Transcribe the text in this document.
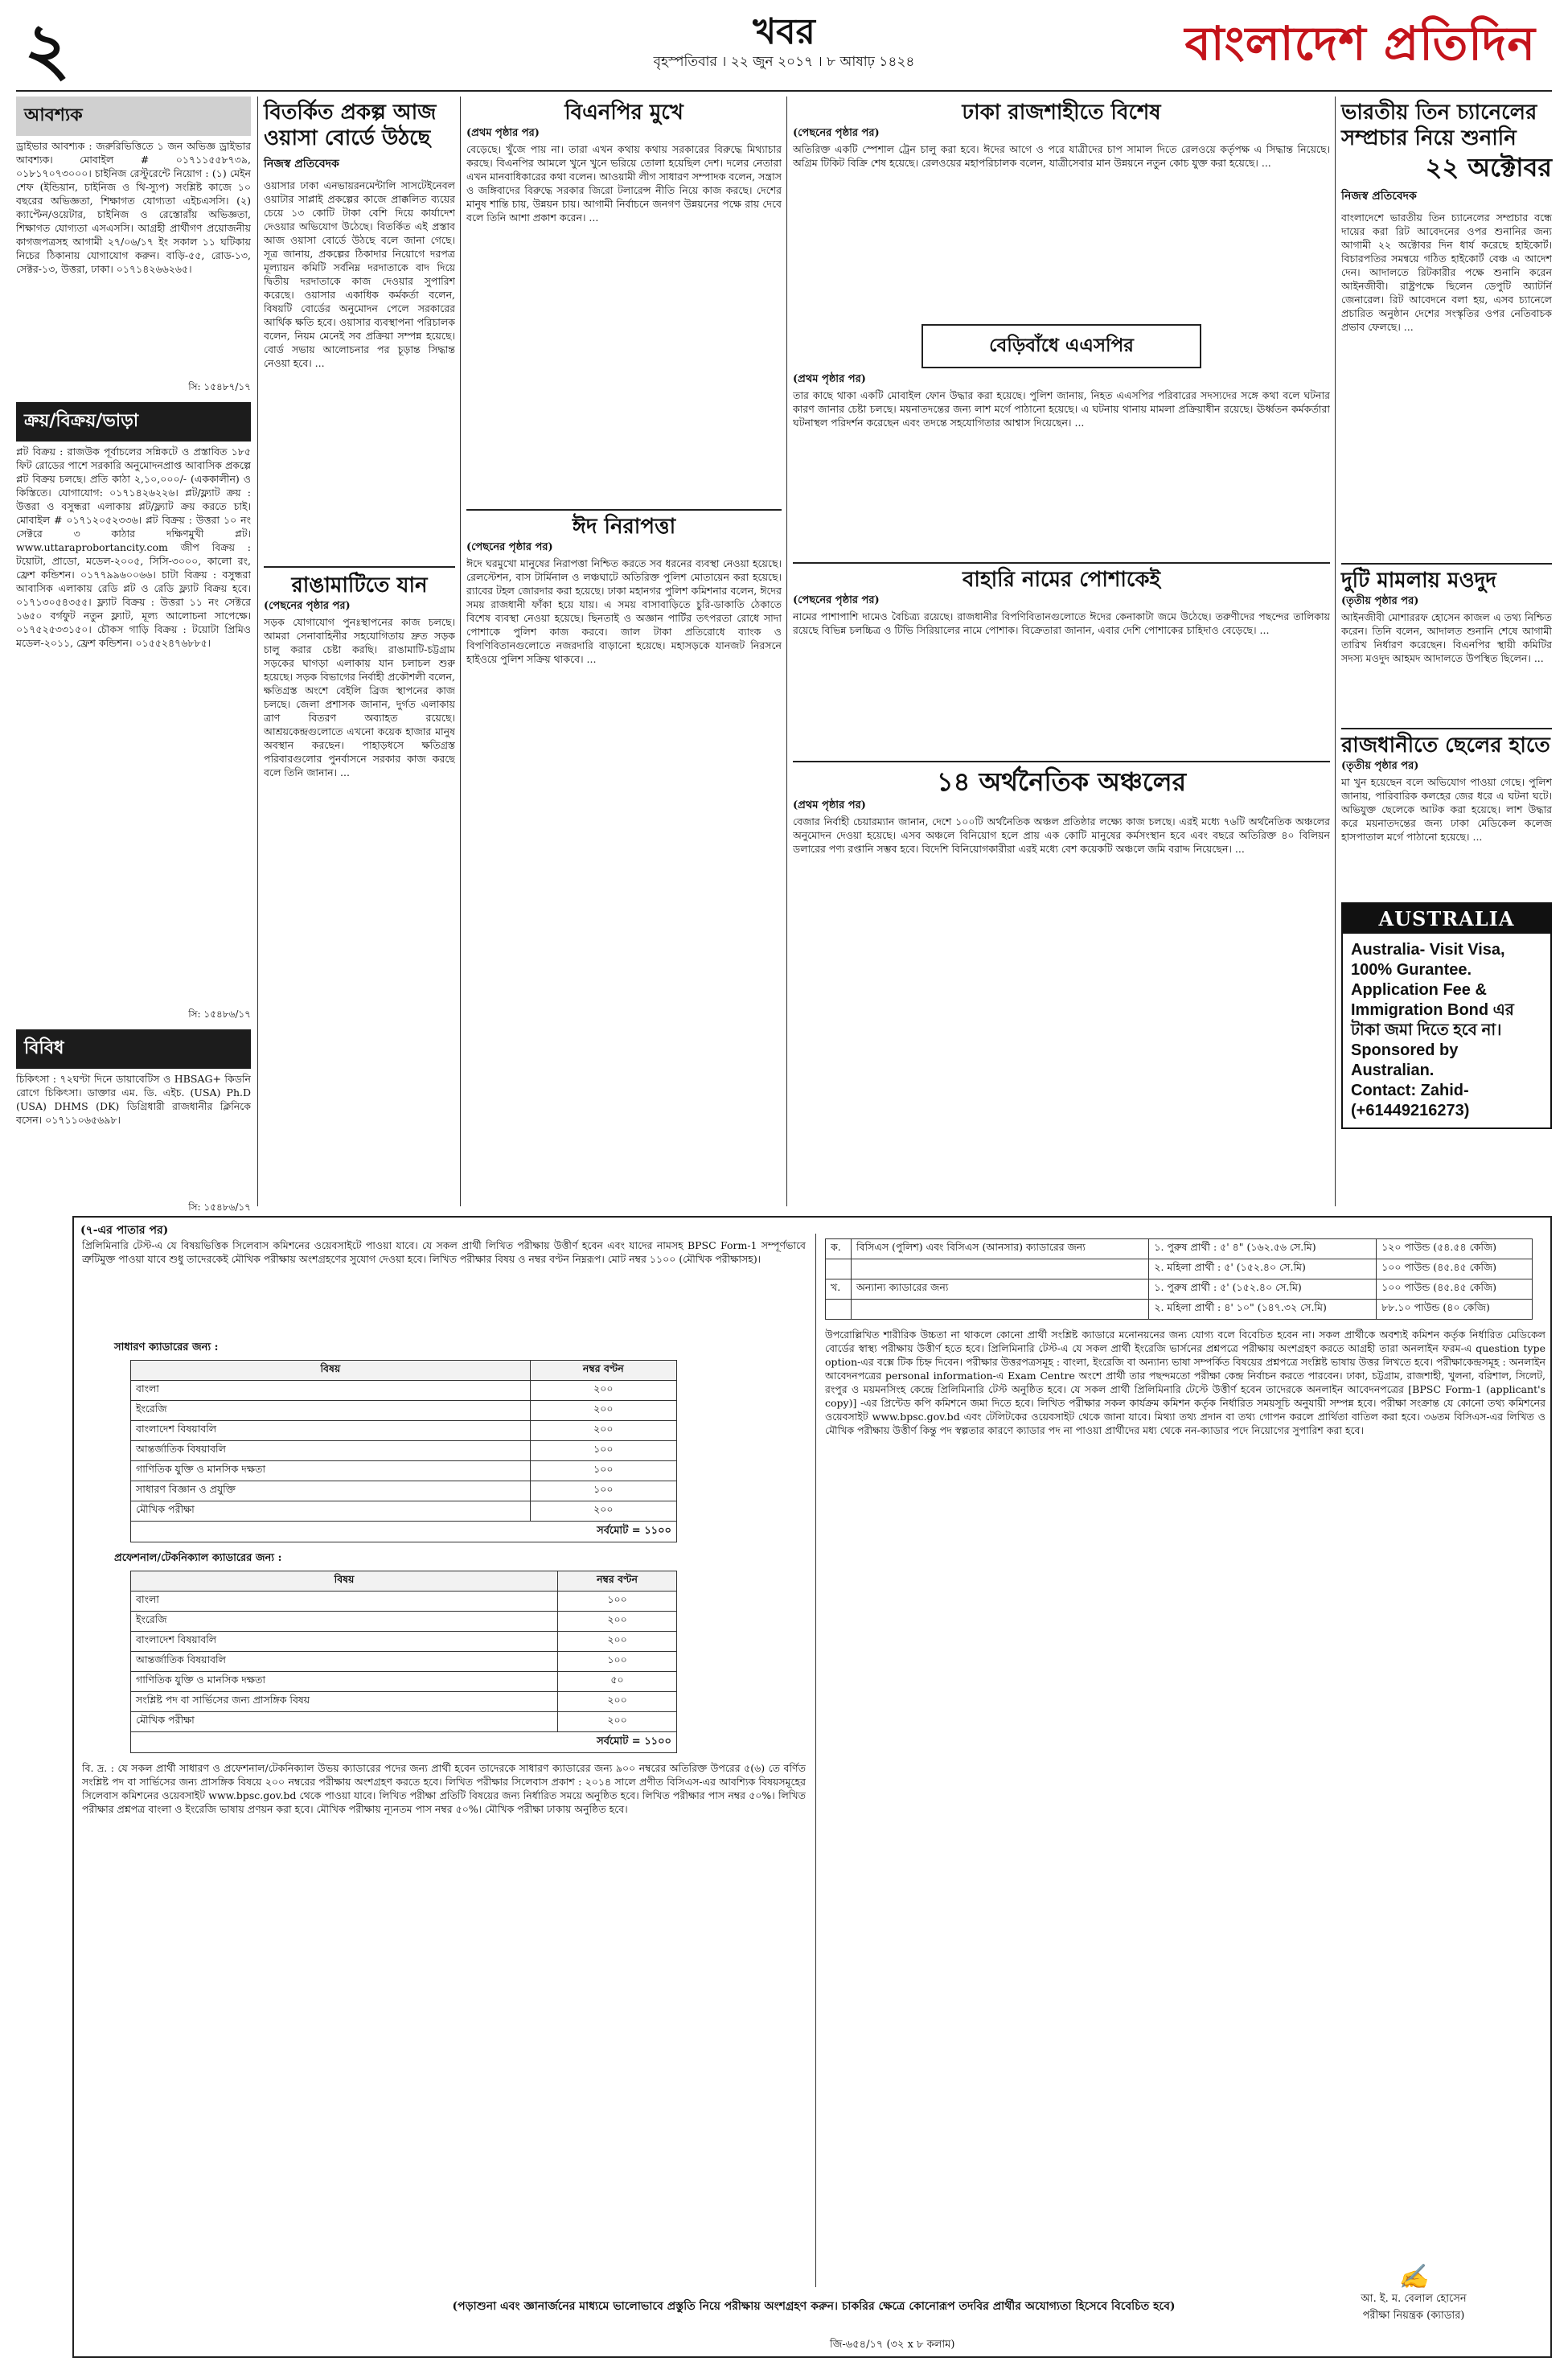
২	খবর
বৃহস্পতিবার । ২২ জুন ২০১৭ । ৮ আষাঢ় ১৪২৪	বাংলাদেশ প্রতিদিন
আবশ্যক
ড্রাইভার আবশ্যক : জরুরিভিত্তিতে ১ জন অভিজ্ঞ ড্রাইভার আবশ্যক। মোবাইল # ০১৭১১৫৫৮৭৩৯, ০১৮১৭০৭৩০০০। চাইনিজ রেস্টুরেন্টে নিয়োগ : (১) মেইন শেফ (ইন্ডিয়ান, চাইনিজ ও থি-স্যুপ) সংশ্লিষ্ট কাজে ১০ বছরের অভিজ্ঞতা, শিক্ষাগত যোগ্যতা এইচএসসি। (২) ক্যাপ্টেন/ওয়েটার, চাইনিজ ও রেস্তোরাঁয় অভিজ্ঞতা, শিক্ষাগত যোগ্যতা এসএসসি। আগ্রহী প্রার্থীগণ প্রয়োজনীয় কাগজপত্রসহ আগামী ২৭/০৬/১৭ ইং সকাল ১১ ঘটিকায় নিচের ঠিকানায় যোগাযোগ করুন। বাড়ি-৫৫, রোড-১৩, সেক্টর-১৩, উত্তরা, ঢাকা। ০১৭১৪২৬৬২৬৫।
সি: ১৫৪৮৭/১৭
ক্রয়/বিক্রয়/ভাড়া
প্লট বিক্রয় : রাজউক পূর্বাচলের সন্নিকটে ও প্রস্তাবিত ১৮৫ ফিট রোডের পাশে সরকারি অনুমোদনপ্রাপ্ত আবাসিক প্রকল্পে প্লট বিক্রয় চলছে। প্রতি কাঠা ২,১০,০০০/- (এককালীন) ও কিস্তিতে। যোগাযোগ: ০১৭১৪২৬২২৬। প্লট/ফ্ল্যাট ক্রয় : উত্তরা ও বসুন্ধরা এলাকায় প্লট/ফ্ল্যাট ক্রয় করতে চাই। মোবাইল # ০১৭১২০৫২৩৩৬। প্লট বিক্রয় : উত্তরা ১০ নং সেক্টরে ৩ কাঠার দক্ষিণমুখী প্লট। www.uttaraprobortancity.com জীপ বিক্রয় : টয়োটা, প্রাডো, মডেল-২০০৫, সিসি-৩০০০, কালো রং, ফ্রেশ কন্ডিশন। ০১৭৭৯৯৬০০৬৬। চাটা বিক্রয় : বসুন্ধরা আবাসিক এলাকায় রেডি প্লট ও রেডি ফ্ল্যাট বিক্রয় হবে। ০১৭১৩০৫৪৩৫৫। ফ্ল্যাট বিক্রয় : উত্তরা ১১ নং সেক্টরে ১৬৫০ বর্গফুট নতুন ফ্ল্যাট, মূল্য আলোচনা সাপেক্ষে। ০১৭৫২৫৩৩১৫০। চৌকস গাড়ি বিক্রয় : টয়োটা প্রিমিও মডেল-২০১১, ফ্রেশ কন্ডিশন। ০১৫৫২৪৭৬৮৮৫।
সি: ১৫৪৮৬/১৭
বিবিধ
চিকিৎসা : ৭২ঘণ্টা দিনে ডায়াবেটিস ও HBSAG+ কিডনি রোগে চিকিৎসা। ডাক্তার এম. ডি. এইচ. (USA) Ph.D (USA) DHMS (DK) ডিগ্রিধারী রাজধানীর ক্লিনিকে বসেন। ০১৭১১০৬৫৬৯৮।
সি: ১৫৪৮৬/১৭
বিতর্কিত প্রকল্প আজ ওয়াসা বোর্ডে উঠছে
নিজস্ব প্রতিবেদক
ওয়াসার ঢাকা এনভায়রনমেন্টালি সাসটেইনেবল ওয়াটার সাপ্লাই প্রকল্পের কাজে প্রাক্কলিত ব্যয়ের চেয়ে ১৩ কোটি টাকা বেশি দিয়ে কার্যাদেশ দেওয়ার অভিযোগ উঠেছে। বিতর্কিত এই প্রস্তাব আজ ওয়াসা বোর্ডে উঠছে বলে জানা গেছে। সূত্র জানায়, প্রকল্পের ঠিকাদার নিয়োগে দরপত্র মূল্যায়ন কমিটি সর্বনিম্ন দরদাতাকে বাদ দিয়ে দ্বিতীয় দরদাতাকে কাজ দেওয়ার সুপারিশ করেছে। ওয়াসার একাধিক কর্মকর্তা বলেন, বিষয়টি বোর্ডের অনুমোদন পেলে সরকারের আর্থিক ক্ষতি হবে। ওয়াসার ব্যবস্থাপনা পরিচালক বলেন, নিয়ম মেনেই সব প্রক্রিয়া সম্পন্ন হয়েছে। বোর্ড সভায় আলোচনার পর চূড়ান্ত সিদ্ধান্ত নেওয়া হবে। ...
রাঙামাটিতে যান
(পেছনের পৃষ্ঠার পর)
সড়ক যোগাযোগ পুনঃস্থাপনের কাজ চলছে। আমরা সেনাবাহিনীর সহযোগিতায় দ্রুত সড়ক চালু করার চেষ্টা করছি। রাঙামাটি-চট্টগ্রাম সড়কের ঘাগড়া এলাকায় যান চলাচল শুরু হয়েছে। সড়ক বিভাগের নির্বাহী প্রকৌশলী বলেন, ক্ষতিগ্রস্ত অংশে বেইলি ব্রিজ স্থাপনের কাজ চলছে। জেলা প্রশাসক জানান, দুর্গত এলাকায় ত্রাণ বিতরণ অব্যাহত রয়েছে। আশ্রয়কেন্দ্রগুলোতে এখনো কয়েক হাজার মানুষ অবস্থান করছেন। পাহাড়ধসে ক্ষতিগ্রস্ত পরিবারগুলোর পুনর্বাসনে সরকার কাজ করছে বলে তিনি জানান। ...
বিএনপির মুখে
(প্রথম পৃষ্ঠার পর)
বেড়েছে। খুঁজে পায় না। তারা এখন কথায় কথায় সরকারের বিরুদ্ধে মিথ্যাচার করছে। বিএনপির আমলে খুনে খুনে ভরিয়ে তোলা হয়েছিল দেশ। দলের নেতারা এখন মানবাধিকারের কথা বলেন। আওয়ামী লীগ সাধারণ সম্পাদক বলেন, সন্ত্রাস ও জঙ্গিবাদের বিরুদ্ধে সরকার জিরো টলারেন্স নীতি নিয়ে কাজ করছে। দেশের মানুষ শান্তি চায়, উন্নয়ন চায়। আগামী নির্বাচনে জনগণ উন্নয়নের পক্ষে রায় দেবে বলে তিনি আশা প্রকাশ করেন। ...
ঈদ নিরাপত্তা
(পেছনের পৃষ্ঠার পর)
ঈদে ঘরমুখো মানুষের নিরাপত্তা নিশ্চিত করতে সব ধরনের ব্যবস্থা নেওয়া হয়েছে। রেলস্টেশন, বাস টার্মিনাল ও লঞ্চঘাটে অতিরিক্ত পুলিশ মোতায়েন করা হয়েছে। র‍্যাবের টহল জোরদার করা হয়েছে। ঢাকা মহানগর পুলিশ কমিশনার বলেন, ঈদের সময় রাজধানী ফাঁকা হয়ে যায়। এ সময় বাসাবাড়িতে চুরি-ডাকাতি ঠেকাতে বিশেষ ব্যবস্থা নেওয়া হয়েছে। ছিনতাই ও অজ্ঞান পার্টির তৎপরতা রোধে সাদা পোশাকে পুলিশ কাজ করবে। জাল টাকা প্রতিরোধে ব্যাংক ও বিপণিবিতানগুলোতে নজরদারি বাড়ানো হয়েছে। মহাসড়কে যানজট নিরসনে হাইওয়ে পুলিশ সক্রিয় থাকবে। ...
ঢাকা রাজশাহীতে বিশেষ
(পেছনের পৃষ্ঠার পর)
অতিরিক্ত একটি স্পেশাল ট্রেন চালু করা হবে। ঈদের আগে ও পরে যাত্রীদের চাপ সামাল দিতে রেলওয়ে কর্তৃপক্ষ এ সিদ্ধান্ত নিয়েছে। অগ্রিম টিকিট বিক্রি শেষ হয়েছে। রেলওয়ের মহাপরিচালক বলেন, যাত্রীসেবার মান উন্নয়নে নতুন কোচ যুক্ত করা হয়েছে। ...
বেড়িবাঁধে এএসপির
(প্রথম পৃষ্ঠার পর)
তার কাছে থাকা একটি মোবাইল ফোন উদ্ধার করা হয়েছে। পুলিশ জানায়, নিহত এএসপির পরিবারের সদস্যদের সঙ্গে কথা বলে ঘটনার কারণ জানার চেষ্টা চলছে। ময়নাতদন্তের জন্য লাশ মর্গে পাঠানো হয়েছে। এ ঘটনায় থানায় মামলা প্রক্রিয়াধীন রয়েছে। ঊর্ধ্বতন কর্মকর্তারা ঘটনাস্থল পরিদর্শন করেছেন এবং তদন্তে সহযোগিতার আশ্বাস দিয়েছেন। ...
বাহারি নামের পোশাকেই
(পেছনের পৃষ্ঠার পর)
নামের পাশাপাশি দামেও বৈচিত্র্য রয়েছে। রাজধানীর বিপণিবিতানগুলোতে ঈদের কেনাকাটা জমে উঠেছে। তরুণীদের পছন্দের তালিকায় রয়েছে বিভিন্ন চলচ্চিত্র ও টিভি সিরিয়ালের নামে পোশাক। বিক্রেতারা জানান, এবার দেশি পোশাকের চাহিদাও বেড়েছে। ...
১৪ অর্থনৈতিক অঞ্চলের
(প্রথম পৃষ্ঠার পর)
বেজার নির্বাহী চেয়ারম্যান জানান, দেশে ১০০টি অর্থনৈতিক অঞ্চল প্রতিষ্ঠার লক্ষ্যে কাজ চলছে। এরই মধ্যে ৭৬টি অর্থনৈতিক অঞ্চলের অনুমোদন দেওয়া হয়েছে। এসব অঞ্চলে বিনিয়োগ হলে প্রায় এক কোটি মানুষের কর্মসংস্থান হবে এবং বছরে অতিরিক্ত ৪০ বিলিয়ন ডলারের পণ্য রপ্তানি সম্ভব হবে। বিদেশি বিনিয়োগকারীরা এরই মধ্যে বেশ কয়েকটি অঞ্চলে জমি বরাদ্দ নিয়েছেন। ...
ভারতীয় তিন চ্যানেলের সম্প্রচার নিয়ে শুনানি
২২ অক্টোবর
নিজস্ব প্রতিবেদক
বাংলাদেশে ভারতীয় তিন চ্যানেলের সম্প্রচার বন্ধে দায়ের করা রিট আবেদনের ওপর শুনানির জন্য আগামী ২২ অক্টোবর দিন ধার্য করেছে হাইকোর্ট। বিচারপতির সমন্বয়ে গঠিত হাইকোর্ট বেঞ্চ এ আদেশ দেন। আদালতে রিটকারীর পক্ষে শুনানি করেন আইনজীবী। রাষ্ট্রপক্ষে ছিলেন ডেপুটি অ্যাটর্নি জেনারেল। রিট আবেদনে বলা হয়, এসব চ্যানেলে প্রচারিত অনুষ্ঠান দেশের সংস্কৃতির ওপর নেতিবাচক প্রভাব ফেলছে। ...
দুটি মামলায় মওদুদ
(তৃতীয় পৃষ্ঠার পর)
আইনজীবী মোশাররফ হোসেন কাজল এ তথ্য নিশ্চিত করেন। তিনি বলেন, আদালত শুনানি শেষে আগামী তারিখ নির্ধারণ করেছেন। বিএনপির স্থায়ী কমিটির সদস্য মওদুদ আহমদ আদালতে উপস্থিত ছিলেন। ...
রাজধানীতে ছেলের হাতে
(তৃতীয় পৃষ্ঠার পর)
মা খুন হয়েছেন বলে অভিযোগ পাওয়া গেছে। পুলিশ জানায়, পারিবারিক কলহের জের ধরে এ ঘটনা ঘটে। অভিযুক্ত ছেলেকে আটক করা হয়েছে। লাশ উদ্ধার করে ময়নাতদন্তের জন্য ঢাকা মেডিকেল কলেজ হাসপাতাল মর্গে পাঠানো হয়েছে। ...
AUSTRALIA
Australia- Visit Visa, 100% Gurantee.
Application Fee & Immigration Bond এর টাকা জমা দিতে হবে না।
Sponsored by Australian.
Contact: Zahid-(+61449216273)
(৭-এর পাতার পর)
প্রিলিমিনারি টেস্ট-এ যে বিষয়ভিত্তিক সিলেবাস কমিশনের ওয়েবসাইটে পাওয়া যাবে। যে সকল প্রার্থী লিখিত পরীক্ষায় উত্তীর্ণ হবেন এবং যাদের নামসহ BPSC Form-1 সম্পূর্ণভাবে ত্রুটিমুক্ত পাওয়া যাবে শুধু তাদেরকেই মৌখিক পরীক্ষায় অংশগ্রহণের সুযোগ দেওয়া হবে। লিখিত পরীক্ষার বিষয় ও নম্বর বণ্টন নিম্নরূপ। মোট নম্বর ১১০০ (মৌখিক পরীক্ষাসহ)।
সাধারণ ক্যাডারের জন্য :
বিষয়	নম্বর বণ্টন
বাংলা	২০০
ইংরেজি	২০০
বাংলাদেশ বিষয়াবলি	২০০
আন্তর্জাতিক বিষয়াবলি	১০০
গাণিতিক যুক্তি ও মানসিক দক্ষতা	১০০
সাধারণ বিজ্ঞান ও প্রযুক্তি	১০০
মৌখিক পরীক্ষা	২০০
সর্বমোট = ১১০০
প্রফেশনাল/টেকনিক্যাল ক্যাডারের জন্য :
বিষয়	নম্বর বণ্টন
বাংলা	১০০
ইংরেজি	২০০
বাংলাদেশ বিষয়াবলি	২০০
আন্তর্জাতিক বিষয়াবলি	১০০
গাণিতিক যুক্তি ও মানসিক দক্ষতা	৫০
সংশ্লিষ্ট পদ বা সার্ভিসের জন্য প্রাসঙ্গিক বিষয়	২০০
মৌখিক পরীক্ষা	২০০
সর্বমোট = ১১০০
বি. দ্র. : যে সকল প্রার্থী সাধারণ ও প্রফেশনাল/টেকনিক্যাল উভয় ক্যাডারের পদের জন্য প্রার্থী হবেন তাদেরকে সাধারণ ক্যাডারের জন্য ৯০০ নম্বরের অতিরিক্ত উপরের ৫(৬) তে বর্ণিত সংশ্লিষ্ট পদ বা সার্ভিসের জন্য প্রাসঙ্গিক বিষয়ে ২০০ নম্বরের পরীক্ষায় অংশগ্রহণ করতে হবে। লিখিত পরীক্ষার সিলেবাস প্রকাশ : ২০১৪ সালে প্রণীত বিসিএস-এর আবশ্যিক বিষয়সমূহের সিলেবাস কমিশনের ওয়েবসাইট www.bpsc.gov.bd থেকে পাওয়া যাবে। লিখিত পরীক্ষা প্রতিটি বিষয়ের জন্য নির্ধারিত সময়ে অনুষ্ঠিত হবে। লিখিত পরীক্ষার পাস নম্বর ৫০%। লিখিত পরীক্ষার প্রশ্নপত্র বাংলা ও ইংরেজি ভাষায় প্রণয়ন করা হবে। মৌখিক পরীক্ষায় ন্যূনতম পাস নম্বর ৫০%। মৌখিক পরীক্ষা ঢাকায় অনুষ্ঠিত হবে।
ক.	বিসিএস (পুলিশ) এবং বিসিএস (আনসার) ক্যাডারের জন্য	১. পুরুষ প্রার্থী : ৫' ৪" (১৬২.৫৬ সে.মি)	১২০ পাউন্ড (৫৪.৫৪ কেজি)
		২. মহিলা প্রার্থী : ৫' (১৫২.৪০ সে.মি)	১০০ পাউন্ড (৪৫.৪৫ কেজি)
খ.	অন্যান্য ক্যাডারের জন্য	১. পুরুষ প্রার্থী : ৫' (১৫২.৪০ সে.মি)	১০০ পাউন্ড (৪৫.৪৫ কেজি)
		২. মহিলা প্রার্থী : ৪' ১০" (১৪৭.৩২ সে.মি)	৮৮.১০ পাউন্ড (৪০ কেজি)
উপরোল্লিখিত শারীরিক উচ্চতা না থাকলে কোনো প্রার্থী সংশ্লিষ্ট ক্যাডারে মনোনয়নের জন্য যোগ্য বলে বিবেচিত হবেন না। সকল প্রার্থীকে অবশ্যই কমিশন কর্তৃক নির্ধারিত মেডিকেল বোর্ডের স্বাস্থ্য পরীক্ষায় উত্তীর্ণ হতে হবে। প্রিলিমিনারি টেস্ট-এ যে সকল প্রার্থী ইংরেজি ভার্সনের প্রশ্নপত্রে পরীক্ষায় অংশগ্রহণ করতে আগ্রহী তারা অনলাইন ফরম-এ question type option-এর বক্সে টিক চিহ্ন দিবেন। পরীক্ষার উত্তরপত্রসমূহ : বাংলা, ইংরেজি বা অন্যান্য ভাষা সম্পর্কিত বিষয়ের প্রশ্নপত্রে সংশ্লিষ্ট ভাষায় উত্তর লিখতে হবে। পরীক্ষাকেন্দ্রসমূহ : অনলাইন আবেদনপত্রের personal information-এ Exam Centre অংশে প্রার্থী তার পছন্দমতো পরীক্ষা কেন্দ্র নির্বাচন করতে পারবেন। ঢাকা, চট্টগ্রাম, রাজশাহী, খুলনা, বরিশাল, সিলেট, রংপুর ও ময়মনসিংহ কেন্দ্রে প্রিলিমিনারি টেস্ট অনুষ্ঠিত হবে। যে সকল প্রার্থী প্রিলিমিনারি টেস্টে উত্তীর্ণ হবেন তাদেরকে অনলাইন আবেদনপত্রের [BPSC Form-1 (applicant's copy)] -এর প্রিন্টেড কপি কমিশনে জমা দিতে হবে। লিখিত পরীক্ষার সকল কার্যক্রম কমিশন কর্তৃক নির্ধারিত সময়সূচি অনুযায়ী সম্পন্ন হবে। পরীক্ষা সংক্রান্ত যে কোনো তথ্য কমিশনের ওয়েবসাইট www.bpsc.gov.bd এবং টেলিটকের ওয়েবসাইট থেকে জানা যাবে। মিথ্যা তথ্য প্রদান বা তথ্য গোপন করলে প্রার্থিতা বাতিল করা হবে। ৩৬তম বিসিএস-এর লিখিত ও মৌখিক পরীক্ষায় উত্তীর্ণ কিন্তু পদ স্বল্পতার কারণে ক্যাডার পদ না পাওয়া প্রার্থীদের মধ্য থেকে নন-ক্যাডার পদে নিয়োগের সুপারিশ করা হবে।
(পড়াশুনা এবং জ্ঞানার্জনের মাধ্যমে ভালোভাবে প্রস্তুতি নিয়ে পরীক্ষায় অংশগ্রহণ করুন। চাকরির ক্ষেত্রে কোনোরূপ তদবির প্রার্থীর অযোগ্যতা হিসেবে বিবেচিত হবে)
✍
আ. ই. ম. বেলাল হোসেন
পরীক্ষা নিয়ন্ত্রক (ক্যাডার)
জি-৬৫৪/১৭ (৩২ x ৮ কলাম)
